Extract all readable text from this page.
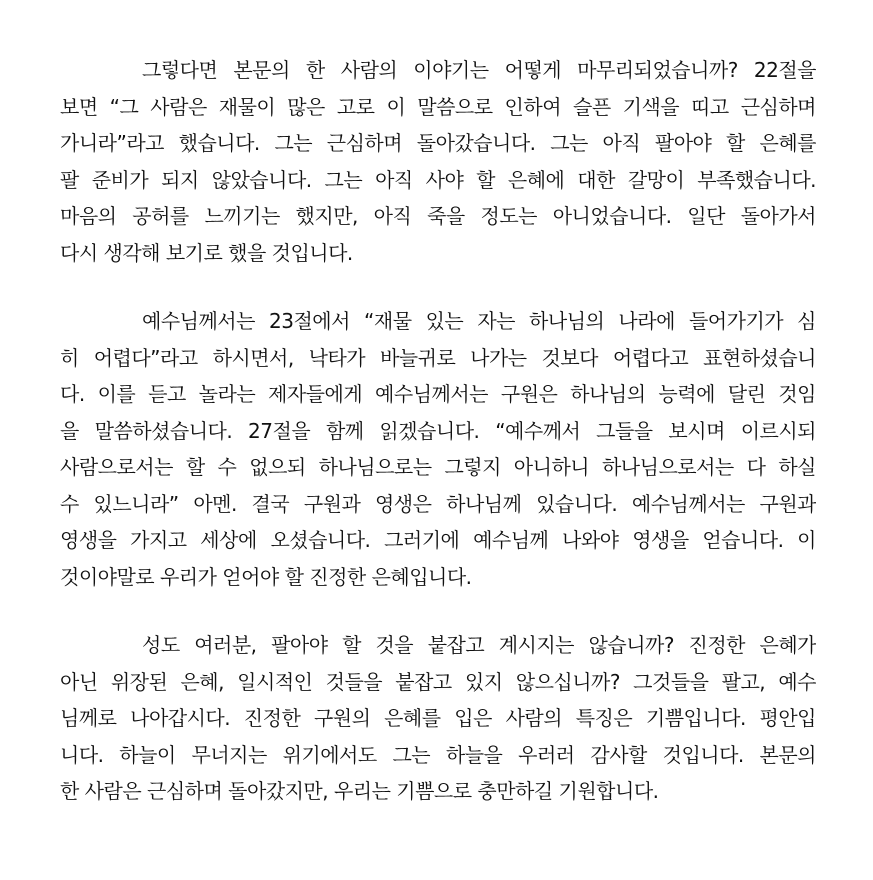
그렇다면 본문의 한 사람의 이야기는 어떻게 마무리되었습니까? 22절을
보면 “그 사람은 재물이 많은 고로 이 말씀으로 인하여 슬픈 기색을 띠고 근심하며
가니라”라고 했습니다. 그는 근심하며 돌아갔습니다. 그는 아직 팔아야 할 은혜를
팔 준비가 되지 않았습니다. 그는 아직 사야 할 은혜에 대한 갈망이 부족했습니다.
마음의 공허를 느끼기는 했지만, 아직 죽을 정도는 아니었습니다. 일단 돌아가서
다시 생각해 보기로 했을 것입니다.
예수님께서는 23절에서 “재물 있는 자는 하나님의 나라에 들어가기가 심
히 어렵다”라고 하시면서, 낙타가 바늘귀로 나가는 것보다 어렵다고 표현하셨습니
다. 이를 듣고 놀라는 제자들에게 예수님께서는 구원은 하나님의 능력에 달린 것임
을 말씀하셨습니다. 27절을 함께 읽겠습니다. “예수께서 그들을 보시며 이르시되
사람으로서는 할 수 없으되 하나님으로는 그렇지 아니하니 하나님으로서는 다 하실
수 있느니라” 아멘. 결국 구원과 영생은 하나님께 있습니다. 예수님께서는 구원과
영생을 가지고 세상에 오셨습니다. 그러기에 예수님께 나와야 영생을 얻습니다. 이
것이야말로 우리가 얻어야 할 진정한 은혜입니다.
성도 여러분, 팔아야 할 것을 붙잡고 계시지는 않습니까? 진정한 은혜가
아닌 위장된 은혜, 일시적인 것들을 붙잡고 있지 않으십니까? 그것들을 팔고, 예수
님께로 나아갑시다. 진정한 구원의 은혜를 입은 사람의 특징은 기쁨입니다. 평안입
니다. 하늘이 무너지는 위기에서도 그는 하늘을 우러러 감사할 것입니다. 본문의
한 사람은 근심하며 돌아갔지만, 우리는 기쁨으로 충만하길 기원합니다.
